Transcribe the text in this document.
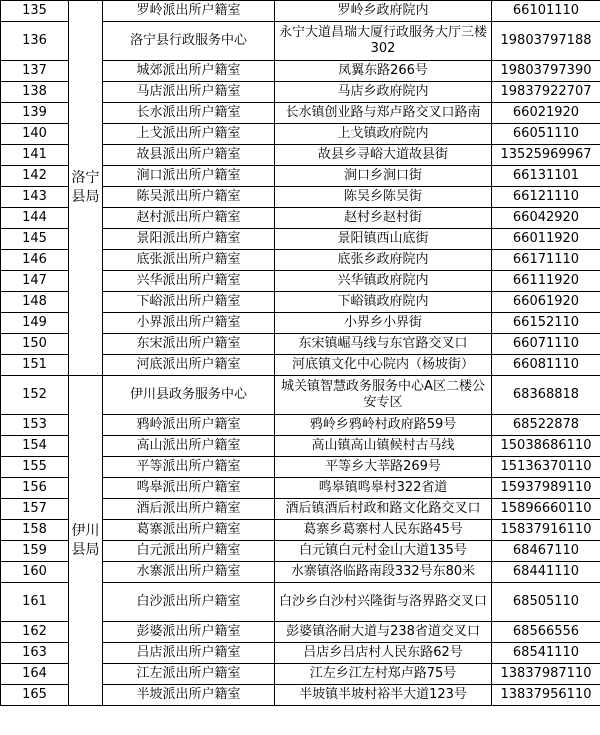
135	洛宁县局	罗岭派出所户籍室	罗岭乡政府院内	66101110
136		洛宁县行政服务中心	永宁大道昌瑞大厦行政服务大厅三楼302	19803797188
137		城郊派出所户籍室	凤翼东路266号	19803797390
138		马店派出所户籍室	马店乡政府院内	19837922707
139		长水派出所户籍室	长水镇创业路与郑卢路交叉口路南	66021920
140		上戈派出所户籍室	上戈镇政府院内	66051110
141		故县派出所户籍室	故县乡寻峪大道故县街	13525969967
142		涧口派出所户籍室	涧口乡涧口街	66131101
143		陈吴派出所户籍室	陈吴乡陈吴街	66121110
144		赵村派出所户籍室	赵村乡赵村街	66042920
145		景阳派出所户籍室	景阳镇西山底街	66011920
146		底张派出所户籍室	底张乡政府院内	66171110
147		兴华派出所户籍室	兴华镇政府院内	66111920
148		下峪派出所户籍室	下峪镇政府院内	66061920
149		小界派出所户籍室	小界乡小界街	66152110
150		东宋派出所户籍室	东宋镇崛马线与东官路交叉口	66071110
151		河底派出所户籍室	河底镇文化中心院内（杨坡街）	66081110
152	伊川县局	伊川县政务服务中心	城关镇智慧政务服务中心A区二楼公安专区	68368818
153		鸦岭派出所户籍室	鸦岭乡鸦岭村政府路59号	68522878
154		高山派出所户籍室	高山镇高山镇候村古马线	15038686110
155		平等派出所户籍室	平等乡大莘路269号	15136370110
156		鸣皋派出所户籍室	鸣皋镇鸣皋村322省道	15937989110
157		酒后派出所户籍室	酒后镇酒后村政和路文化路交叉口	15896660110
158		葛寨派出所户籍室	葛寨乡葛寨村人民东路45号	15837916110
159		白元派出所户籍室	白元镇白元村金山大道135号	68467110
160		水寨派出所户籍室	水寨镇洛临路南段332号东80米	68441110
161		白沙派出所户籍室	白沙乡白沙村兴隆街与洛界路交叉口	68505110
162		彭婆派出所户籍室	彭婆镇洛耐大道与238省道交叉口	68566556
163		吕店派出所户籍室	吕店乡吕店村人民东路62号	68541110
164		江左派出所户籍室	江左乡江左村郑卢路75号	13837987110
165		半坡派出所户籍室	半坡镇半坡村裕半大道123号	13837956110
